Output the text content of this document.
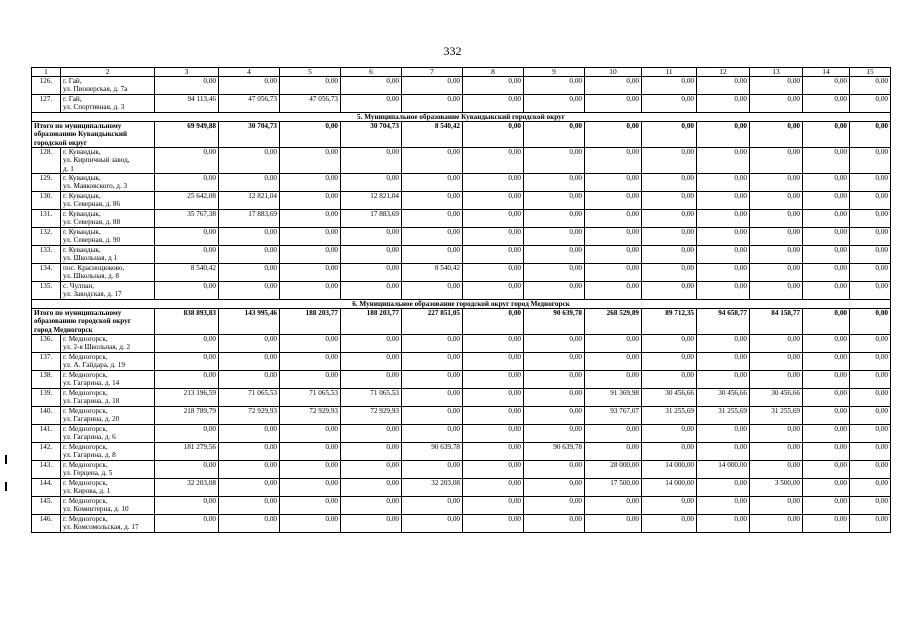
332
1	2	3	4	5	6	7	8	9	10	11	12	13	14	15
126.	г. Гай,
ул. Пионерская, д. 7а	0,00	0,00	0,00	0,00	0,00	0,00	0,00	0,00	0,00	0,00	0,00	0,00	0,00
127.	г. Гай,
ул. Спортивная, д. 3	94 113,46	47 056,73	47 056,73	0,00	0,00	0,00	0,00	0,00	0,00	0,00	0,00	0,00	0,00
5. Муниципальное образование Кувандыкский городской округ														

Итого по муниципальному
образованию Кувандыкский
городской округ		69 949,88	30 704,73	0,00	30 704,73	8 540,42	0,00	0,00	0,00	0,00	0,00	0,00	0,00	0,00
128.	г. Кувандык,
ул. Кирпичный завод,
д. 1	0,00	0,00	0,00	0,00	0,00	0,00	0,00	0,00	0,00	0,00	0,00	0,00	0,00
129.	г. Кувандык,
ул. Маяковского, д. 3	0,00	0,00	0,00	0,00	0,00	0,00	0,00	0,00	0,00	0,00	0,00	0,00	0,00
130.	г. Кувандык,
ул. Северная, д. 86	25 642,08	12 821,04	0,00	12 821,04	0,00	0,00	0,00	0,00	0,00	0,00	0,00	0,00	0,00
131.	г. Кувандык,
ул. Северная, д. 88	35 767,38	17 883,69	0,00	17 883,69	0,00	0,00	0,00	0,00	0,00	0,00	0,00	0,00	0,00
132.	г. Кувандык,
ул. Северная, д. 90	0,00	0,00	0,00	0,00	0,00	0,00	0,00	0,00	0,00	0,00	0,00	0,00	0,00
133.	г. Кувандык,
ул. Школьная, д 1	0,00	0,00	0,00	0,00	0,00	0,00	0,00	0,00	0,00	0,00	0,00	0,00	0,00
134.	пос. Красноцюково,
ул. Школьная, д. 8	8 540,42	0,00	0,00	0,00	8 540,42	0,00	0,00	0,00	0,00	0,00	0,00	0,00	0,00
135.	с. Чулпан,
ул. Заводская, д. 17	0,00	0,00	0,00	0,00	0,00	0,00	0,00	0,00	0,00	0,00	0,00	0,00	0,00
6. Муниципальное образование городской округ город Медногорск														

Итого по муниципальному
образованию городской округ
город Медногорск		838 893,83	143 995,46	188 203,77	188 203,77	227 851,05	0,00	90 639,78	268 529,89	89 712,35	94 658,77	84 158,77	0,00	0,00
136.	г. Медногорск,
ул. 2-я Школьная, д. 2	0,00	0,00	0,00	0,00	0,00	0,00	0,00	0,00	0,00	0,00	0,00	0,00	0,00
137.	г. Медногорск,
ул. А. Гайдара, д. 19	0,00	0,00	0,00	0,00	0,00	0,00	0,00	0,00	0,00	0,00	0,00	0,00	0,00
138.	г. Медногорск,
ул. Гагарина, д. 14	0,00	0,00	0,00	0,00	0,00	0,00	0,00	0,00	0,00	0,00	0,00	0,00	0,00
139.	г. Медногорск,
ул. Гагарина, д. 18	213 196,59	71 065,53	71 065,53	71 065,53	0,00	0,00	0,00	91 369,98	30 456,66	30 456,66	30 456,66	0,00	0,00
140.	г. Медногорск,
ул. Гагарина, д. 20	218 789,79	72 929,93	72 929,93	72 929,93	0,00	0,00	0,00	93 767,07	31 255,69	31 255,69	31 255,69	0,00	0,00
141.	г. Медногорск,
ул. Гагарина, д. 6	0,00	0,00	0,00	0,00	0,00	0,00	0,00	0,00	0,00	0,00	0,00	0,00	0,00
142.	г. Медногорск,
ул. Гагарина, д. 8	181 279,56	0,00	0,00	0,00	90 639,78	0,00	90 639,78	0,00	0,00	0,00	0,00	0,00	0,00
143.	г. Медногорск,
ул. Герцена, д. 5	0,00	0,00	0,00	0,00	0,00	0,00	0,00	28 000,00	14 000,00	14 000,00	0,00	0,00	0,00
144.	г. Медногорск,
ул. Кирова, д. 1	32 203,08	0,00	0,00	0,00	32 203,08	0,00	0,00	17 500,00	14 000,00	0,00	3 500,00	0,00	0,00
145.	г. Медногорск,
ул. Коминтерна, д. 10	0,00	0,00	0,00	0,00	0,00	0,00	0,00	0,00	0,00	0,00	0,00	0,00	0,00
146.	г. Медногорск,
ул. Комсомольская, д. 17	0,00	0,00	0,00	0,00	0,00	0,00	0,00	0,00	0,00	0,00	0,00	0,00	0,00
